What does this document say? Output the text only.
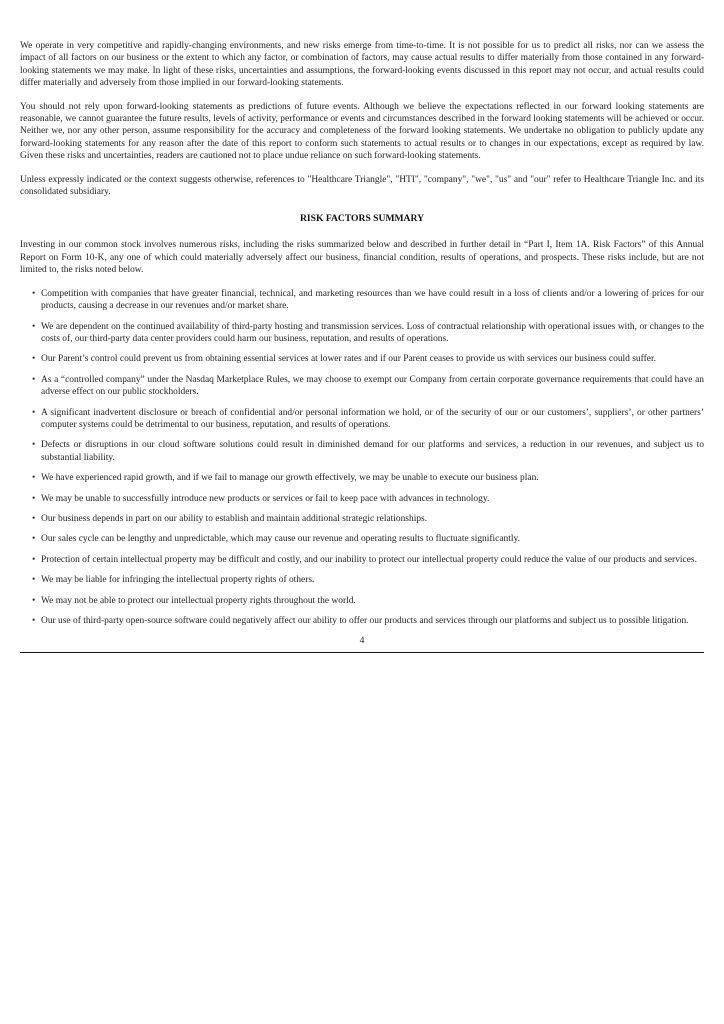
We operate in very competitive and rapidly-changing environments, and new risks emerge from time-to-time. It is not possible for us to predict all risks, nor can we assess the impact of all factors on our business or the extent to which any factor, or combination of factors, may cause actual results to differ materially from those contained in any forward-looking statements we may make. In light of these risks, uncertainties and assumptions, the forward-looking events discussed in this report may not occur, and actual results could differ materially and adversely from those implied in our forward-looking statements.

You should not rely upon forward-looking statements as predictions of future events. Although we believe the expectations reflected in our forward looking statements are reasonable, we cannot guarantee the future results, levels of activity, performance or events and circumstances described in the forward looking statements will be achieved or occur. Neither we, nor any other person, assume responsibility for the accuracy and completeness of the forward looking statements. We undertake no obligation to publicly update any forward-looking statements for any reason after the date of this report to conform such statements to actual results or to changes in our expectations, except as required by law. Given these risks and uncertainties, readers are cautioned not to place undue reliance on such forward-looking statements.

Unless expressly indicated or the context suggests otherwise, references to "Healthcare Triangle", "HTI", "company", "we", "us" and "our" refer to Healthcare Triangle Inc. and its consolidated subsidiary.

RISK FACTORS SUMMARY

Investing in our common stock involves numerous risks, including the risks summarized below and described in further detail in “Part I, Item 1A. Risk Factors” of this Annual Report on Form 10-K, any one of which could materially adversely affect our business, financial condition, results of operations, and prospects. These risks include, but are not limited to, the risks noted below.

• Competition with companies that have greater financial, technical, and marketing resources than we have could result in a loss of clients and/or a lowering of prices for our products, causing a decrease in our revenues and/or market share.
• We are dependent on the continued availability of third-party hosting and transmission services. Loss of contractual relationship with operational issues with, or changes to the costs of, our third-party data center providers could harm our business, reputation, and results of operations.
• Our Parent’s control could prevent us from obtaining essential services at lower rates and if our Parent ceases to provide us with services our business could suffer.
• As a “controlled company” under the Nasdaq Marketplace Rules, we may choose to exempt our Company from certain corporate governance requirements that could have an adverse effect on our public stockholders.
• A significant inadvertent disclosure or breach of confidential and/or personal information we hold, or of the security of our or our customers’, suppliers’, or other partners’ computer systems could be detrimental to our business, reputation, and results of operations.
• Defects or disruptions in our cloud software solutions could result in diminished demand for our platforms and services, a reduction in our revenues, and subject us to substantial liability.
• We have experienced rapid growth, and if we fail to manage our growth effectively, we may be unable to execute our business plan.
• We may be unable to successfully introduce new products or services or fail to keep pace with advances in technology.
• Our business depends in part on our ability to establish and maintain additional strategic relationships.
• Our sales cycle can be lengthy and unpredictable, which may cause our revenue and operating results to fluctuate significantly.
• Protection of certain intellectual property may be difficult and costly, and our inability to protect our intellectual property could reduce the value of our products and services.
• We may be liable for infringing the intellectual property rights of others.
• We may not be able to protect our intellectual property rights throughout the world.
• Our use of third-party open-source software could negatively affect our ability to offer our products and services through our platforms and subject us to possible litigation.
4
